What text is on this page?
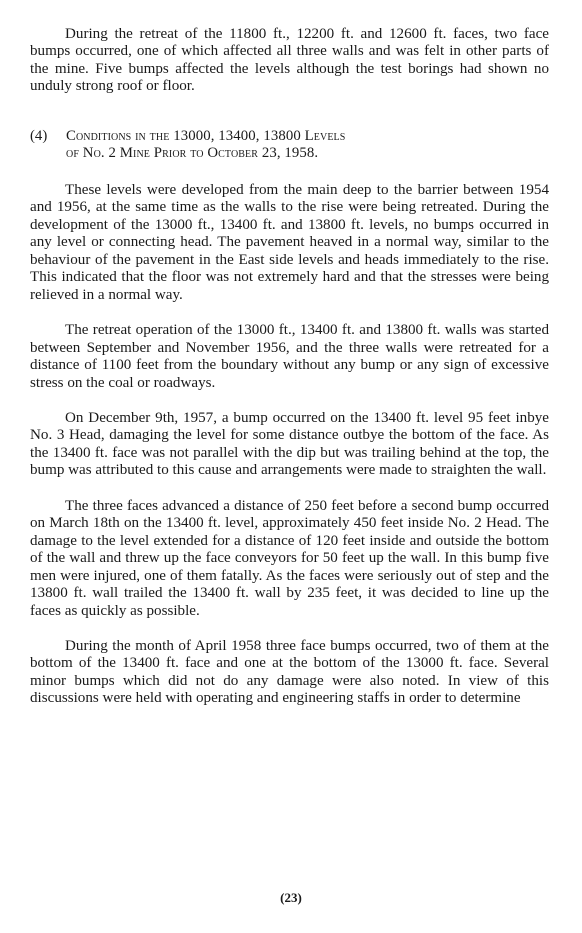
During the retreat of the 11800 ft., 12200 ft. and 12600 ft. faces, two face bumps occurred, one of which affected all three walls and was felt in other parts of the mine. Five bumps affected the levels although the test borings had shown no unduly strong roof or floor.

(4)	Conditions in the 13000, 13400, 13800 Levels
of No. 2 Mine Prior to October 23, 1958.

These levels were developed from the main deep to the barrier between 1954 and 1956, at the same time as the walls to the rise were being retreated. During the development of the 13000 ft., 13400 ft. and 13800 ft. levels, no bumps occurred in any level or connecting head. The pavement heaved in a normal way, similar to the behaviour of the pavement in the East side levels and heads immediately to the rise. This indicated that the floor was not extremely hard and that the stresses were being relieved in a normal way.

The retreat operation of the 13000 ft., 13400 ft. and 13800 ft. walls was started between September and November 1956, and the three walls were retreated for a distance of 1100 feet from the boundary without any bump or any sign of excessive stress on the coal or roadways.

On December 9th, 1957, a bump occurred on the 13400 ft. level 95 feet inbye No. 3 Head, damaging the level for some distance outbye the bottom of the face. As the 13400 ft. face was not parallel with the dip but was trailing behind at the top, the bump was attributed to this cause and arrangements were made to straighten the wall.

The three faces advanced a distance of 250 feet before a second bump occurred on March 18th on the 13400 ft. level, approximately 450 feet inside No. 2 Head. The damage to the level extended for a distance of 120 feet inside and outside the bottom of the wall and threw up the face conveyors for 50 feet up the wall. In this bump five men were injured, one of them fatally. As the faces were seriously out of step and the 13800 ft. wall trailed the 13400 ft. wall by 235 feet, it was decided to line up the faces as quickly as possible.

During the month of April 1958 three face bumps occurred, two of them at the bottom of the 13400 ft. face and one at the bottom of the 13000 ft. face. Several minor bumps which did not do any damage were also noted. In view of this discussions were held with operating and engineering staffs in order to determine

(23)
